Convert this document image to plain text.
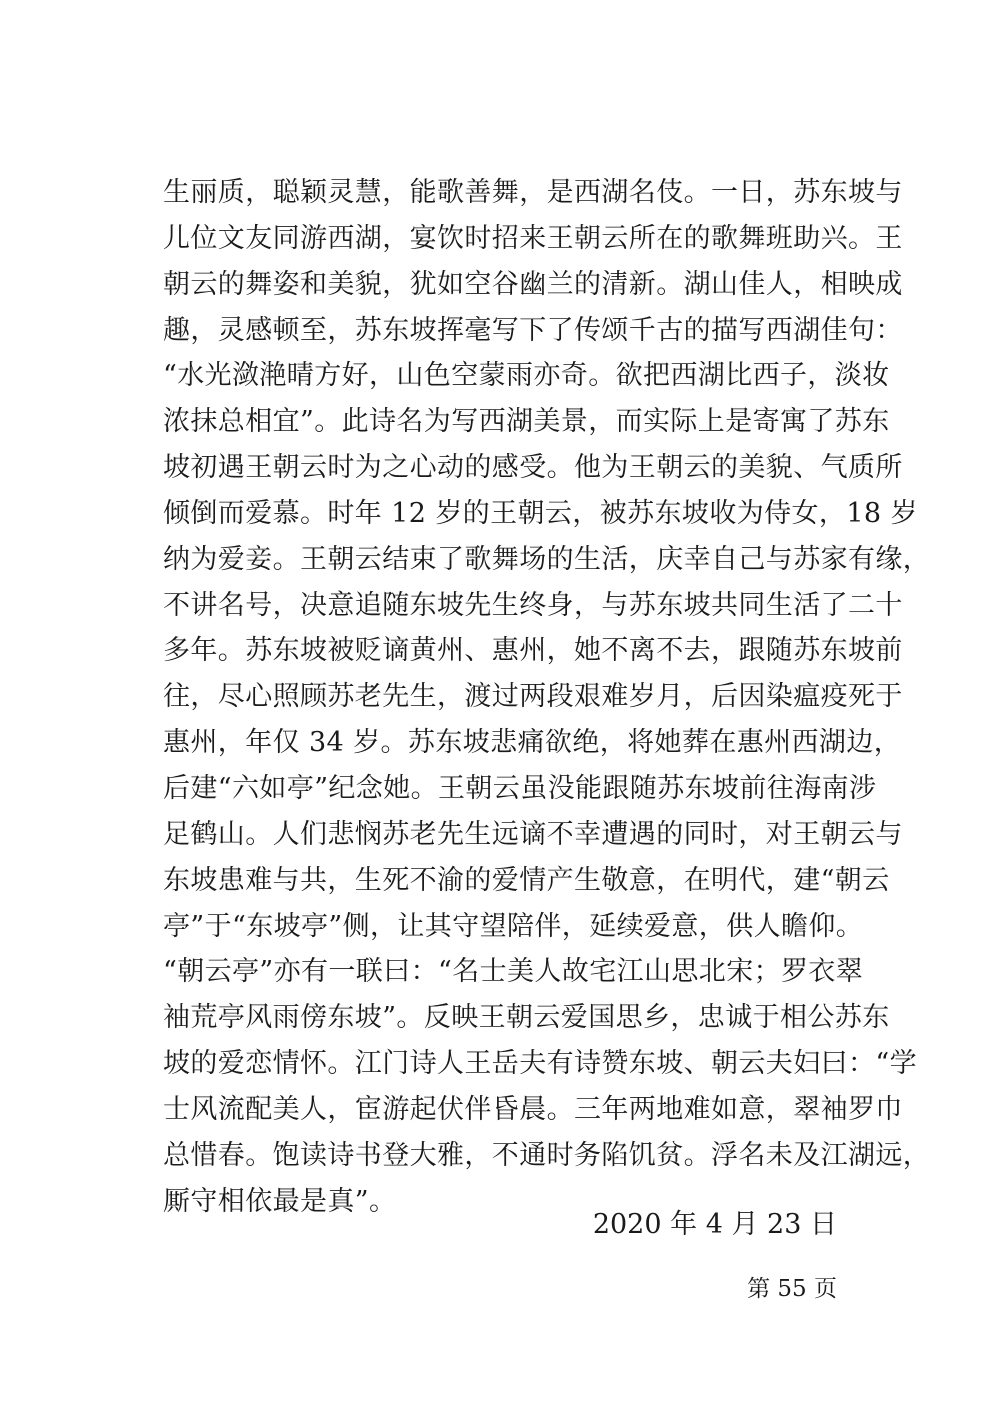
生丽质，聪颖灵慧，能歌善舞，是西湖名伎。一日，苏东坡与
儿位文友同游西湖，宴饮时招来王朝云所在的歌舞班助兴。王
朝云的舞姿和美貌，犹如空谷幽兰的清新。湖山佳人，相映成
趣，灵感顿至，苏东坡挥毫写下了传颂千古的描写西湖佳句：
“水光潋滟晴方好，山色空蒙雨亦奇。欲把西湖比西子，淡妆
浓抹总相宜”。此诗名为写西湖美景，而实际上是寄寓了苏东
坡初遇王朝云时为之心动的感受。他为王朝云的美貌、气质所
倾倒而爱慕。时年 12 岁的王朝云，被苏东坡收为侍女，18 岁
纳为爱妾。王朝云结束了歌舞场的生活，庆幸自己与苏家有缘，
不讲名号，决意追随东坡先生终身，与苏东坡共同生活了二十
多年。苏东坡被贬谪黄州、惠州，她不离不去，跟随苏东坡前
往，尽心照顾苏老先生，渡过两段艰难岁月，后因染瘟疫死于
惠州，年仅 34 岁。苏东坡悲痛欲绝，将她葬在惠州西湖边，
后建“六如亭”纪念她。王朝云虽没能跟随苏东坡前往海南涉
足鹤山。人们悲悯苏老先生远谪不幸遭遇的同时，对王朝云与
东坡患难与共，生死不渝的爱情产生敬意，在明代，建“朝云
亭”于“东坡亭”侧，让其守望陪伴，延续爱意，供人瞻仰。
“朝云亭”亦有一联曰：“名士美人故宅江山思北宋；罗衣翠
袖荒亭风雨傍东坡”。反映王朝云爱国思乡，忠诚于相公苏东
坡的爱恋情怀。江门诗人王岳夫有诗赞东坡、朝云夫妇曰：“学
士风流配美人，宦游起伏伴昏晨。三年两地难如意，翠袖罗巾
总惜春。饱读诗书登大雅，不通时务陷饥贫。浮名未及江湖远，
厮守相依最是真”。
2020 年 4 月 23 日
第 55 页
